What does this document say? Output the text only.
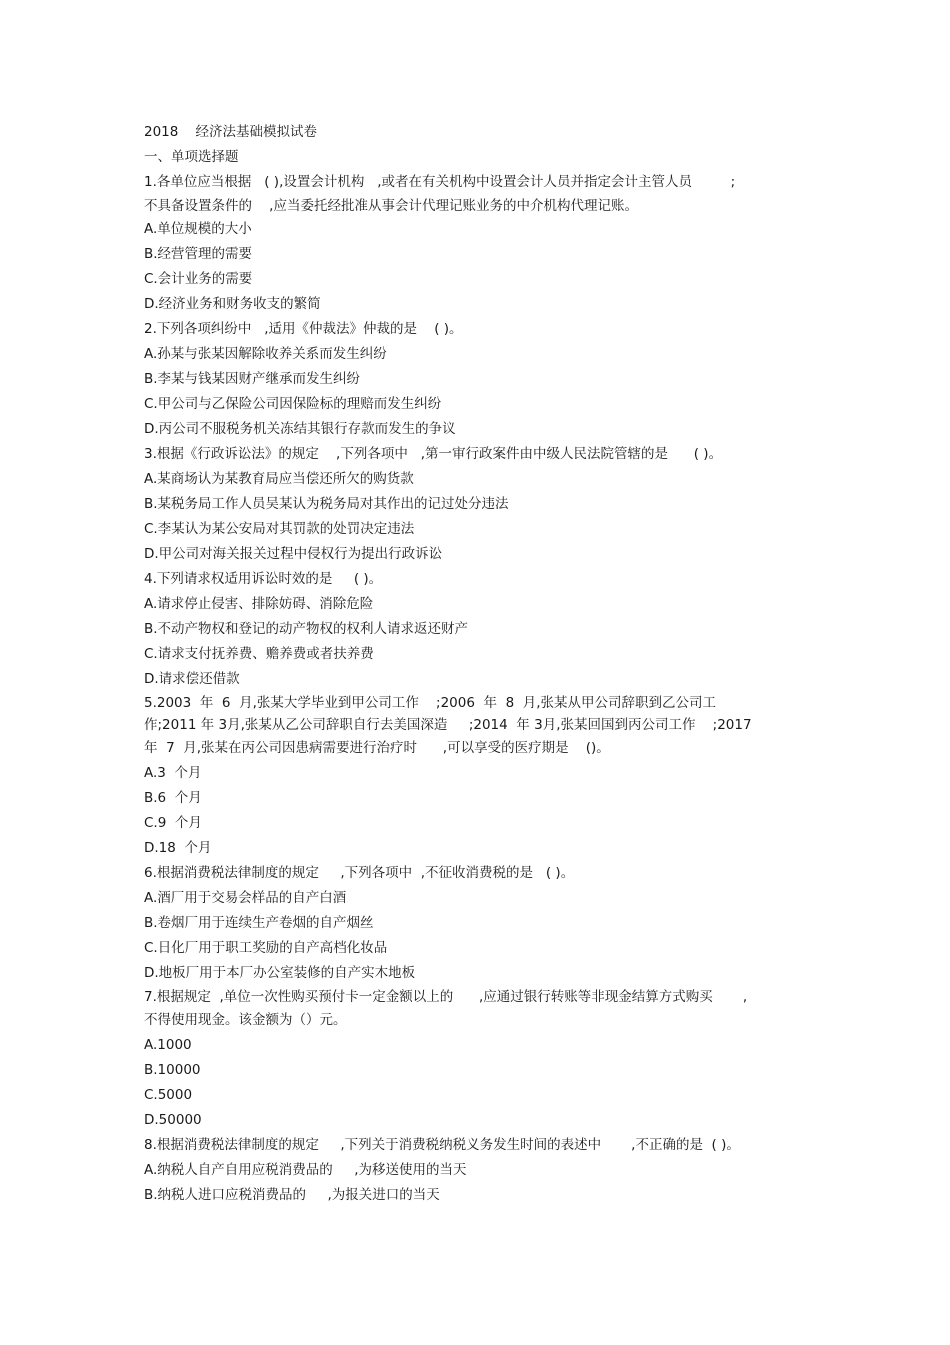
2018    经济法基础模拟试卷
一、单项选择题
1.各单位应当根据   ( ),设置会计机构   ,或者在有关机构中设置会计人员并指定会计主管人员         ;
不具备设置条件的    ,应当委托经批准从事会计代理记账业务的中介机构代理记账。
A.单位规模的大小
B.经营管理的需要
C.会计业务的需要
D.经济业务和财务收支的繁简
2.下列各项纠纷中   ,适用《仲裁法》仲裁的是    ( )。
A.孙某与张某因解除收养关系而发生纠纷
B.李某与钱某因财产继承而发生纠纷
C.甲公司与乙保险公司因保险标的理赔而发生纠纷
D.丙公司不服税务机关冻结其银行存款而发生的争议
3.根据《行政诉讼法》的规定    ,下列各项中   ,第一审行政案件由中级人民法院管辖的是      ( )。
A.某商场认为某教育局应当偿还所欠的购货款
B.某税务局工作人员吴某认为税务局对其作出的记过处分违法
C.李某认为某公安局对其罚款的处罚决定违法
D.甲公司对海关报关过程中侵权行为提出行政诉讼
4.下列请求权适用诉讼时效的是     ( )。
A.请求停止侵害、排除妨碍、消除危险
B.不动产物权和登记的动产物权的权利人请求返还财产
C.请求支付抚养费、赡养费或者扶养费
D.请求偿还借款
5.2003  年  6  月,张某大学毕业到甲公司工作    ;2006  年  8  月,张某从甲公司辞职到乙公司工
作;2011 年 3月,张某从乙公司辞职自行去美国深造     ;2014  年 3月,张某回国到丙公司工作    ;2017
年  7  月,张某在丙公司因患病需要进行治疗时      ,可以享受的医疗期是    ()。
A.3  个月
B.6  个月
C.9  个月
D.18  个月
6.根据消费税法律制度的规定     ,下列各项中  ,不征收消费税的是   ( )。
A.酒厂用于交易会样品的自产白酒
B.卷烟厂用于连续生产卷烟的自产烟丝
C.日化厂用于职工奖励的自产高档化妆品
D.地板厂用于本厂办公室装修的自产实木地板
7.根据规定  ,单位一次性购买预付卡一定金额以上的      ,应通过银行转账等非现金结算方式购买       ,
不得使用现金。该金额为（）元。
A.1000
B.10000
C.5000
D.50000
8.根据消费税法律制度的规定     ,下列关于消费税纳税义务发生时间的表述中       ,不正确的是  ( )。
A.纳税人自产自用应税消费品的     ,为移送使用的当天
B.纳税人进口应税消费品的     ,为报关进口的当天
